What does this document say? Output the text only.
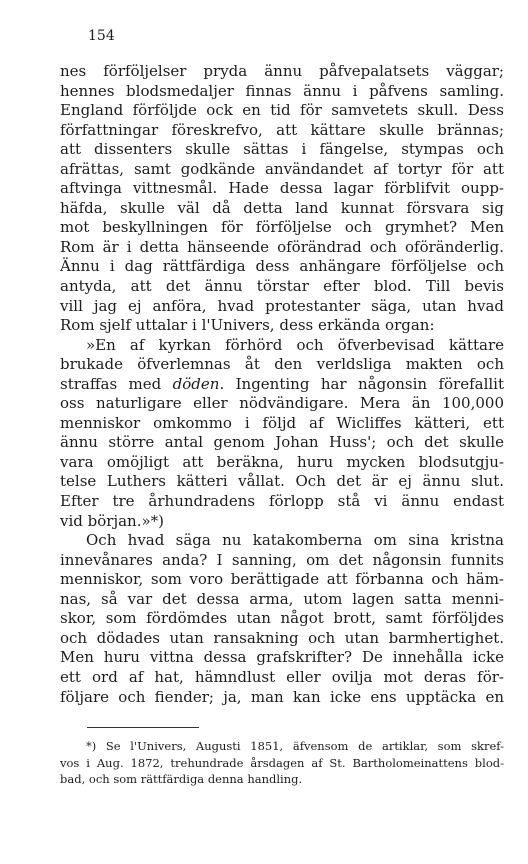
154
nes förföljelser pryda ännu påfvepalatsets väggar;
hennes blodsmedaljer finnas ännu i påfvens samling.
England förföljde ock en tid för samvetets skull. Dess
författningar föreskrefvo, att kättare skulle brännas;
att dissenters skulle sättas i fängelse, stympas och
afrättas, samt godkände användandet af tortyr för att
aftvinga vittnesmål. Hade dessa lagar förblifvit oupp-
häfda, skulle väl då detta land kunnat försvara sig
mot beskyllningen för förföljelse och grymhet? Men
Rom är i detta hänseende oförändrad och oföränderlig.
Ännu i dag rättfärdiga dess anhängare förföljelse och
antyda, att det ännu törstar efter blod. Till bevis
vill jag ej anföra, hvad protestanter säga, utan hvad
Rom sjelf uttalar i l'Univers, dess erkända organ:
»En af kyrkan förhörd och öfverbevisad kättare
brukade öfverlemnas åt den verldsliga makten och
straffas med döden. Ingenting har någonsin förefallit
oss naturligare eller nödvändigare. Mera än 100,000
menniskor omkommo i följd af Wicliffes kätteri, ett
ännu större antal genom Johan Huss'; och det skulle
vara omöjligt att beräkna, huru mycken blodsutgju-
telse Luthers kätteri vållat. Och det är ej ännu slut.
Efter tre århundradens förlopp stå vi ännu endast
vid början.»*)
Och hvad säga nu katakomberna om sina kristna
innevånares anda? I sanning, om det någonsin funnits
menniskor, som voro berättigade att förbanna och häm-
nas, så var det dessa arma, utom lagen satta menni-
skor, som fördömdes utan något brott, samt förföljdes
och dödades utan ransakning och utan barmhertighet.
Men huru vittna dessa grafskrifter? De innehålla icke
ett ord af hat, hämndlust eller ovilja mot deras för-
följare och fiender; ja, man kan icke ens upptäcka en
*) Se l'Univers, Augusti 1851, äfvensom de artiklar, som skref-
vos i Aug. 1872, trehundrade årsdagen af St. Bartholomeinattens blod-
bad, och som rättfärdiga denna handling.
